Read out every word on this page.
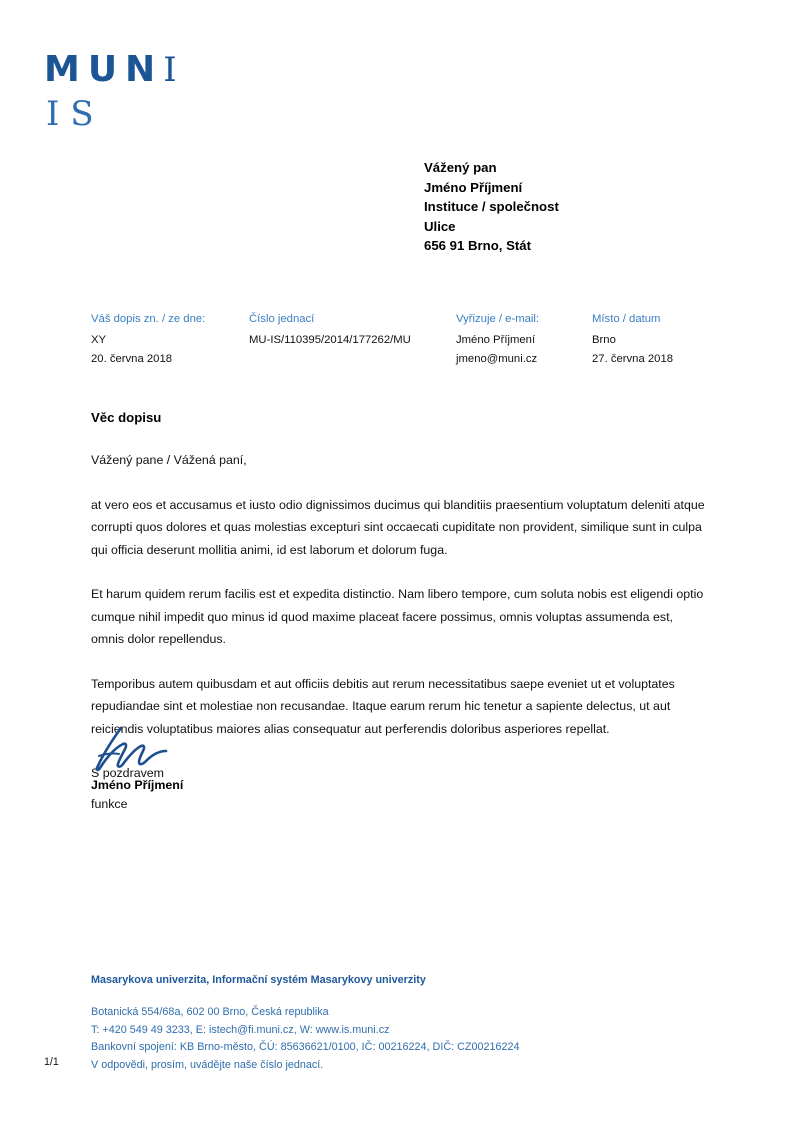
MUNI
IS
Vážený pan
Jméno Příjmení
Instituce / společnost
Ulice
656 91 Brno, Stát
Váš dopis zn. / ze dne:	Číslo jednací	Vyřizuje / e-mail:	Místo / datum
XY	MU-IS/110395/2014/177262/MU	Jméno Příjmení	Brno
20. června 2018		jmeno@muni.cz	27. června 2018
Věc dopisu

Vážený pane / Vážená paní,

at vero eos et accusamus et iusto odio dignissimos ducimus qui blanditiis praesentium voluptatum deleniti atque corrupti quos dolores et quas molestias excepturi sint occaecati cupiditate non provident, similique sunt in culpa qui officia deserunt mollitia animi, id est laborum et dolorum fuga.

Et harum quidem rerum facilis est et expedita distinctio. Nam libero tempore, cum soluta nobis est eligendi optio cumque nihil impedit quo minus id quod maxime placeat facere possimus, omnis voluptas assumenda est, omnis dolor repellendus.

Temporibus autem quibusdam et aut officiis debitis aut rerum necessitatibus saepe eveniet ut et voluptates repudiandae sint et molestiae non recusandae. Itaque earum rerum hic tenetur a sapiente delectus, ut aut reiciendis voluptatibus maiores alias consequatur aut perferendis doloribus asperiores repellat.

S pozdravem

Jméno Příjmení
funkce
1/1
Masarykova univerzita, Informační systém Masarykovy univerzity
Botanická 554/68a, 602 00 Brno, Česká republika
T: +420 549 49 3233, E: istech@fi.muni.cz, W: www.is.muni.cz
Bankovní spojení: KB Brno-město, ČÚ: 85636621/0100, IČ: 00216224, DIČ: CZ00216224
V odpovědi, prosím, uvádějte naše číslo jednací.
